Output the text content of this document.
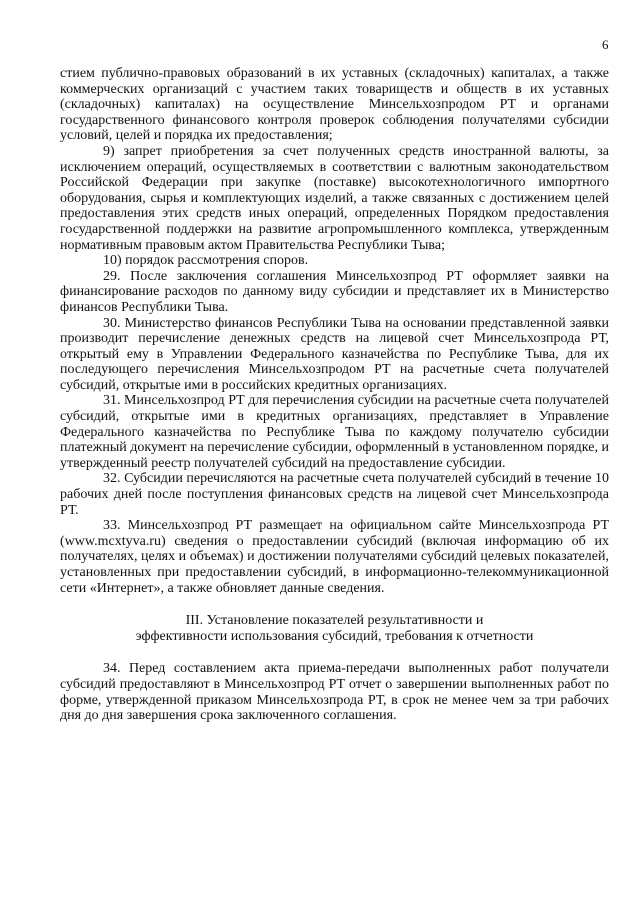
6

стием публично-правовых образований в их уставных (складочных) капиталах, а также коммерческих организаций с участием таких товариществ и обществ в их уставных (складочных) капиталах) на осуществление Минсельхозпродом РТ и органами государственного финансового контроля проверок соблюдения получателями субсидии условий, целей и порядка их предоставления;

9) запрет приобретения за счет полученных средств иностранной валюты, за исключением операций, осуществляемых в соответствии с валютным законодательством Российской Федерации при закупке (поставке) высокотехнологичного импортного оборудования, сырья и комплектующих изделий, а также связанных с достижением целей предоставления этих средств иных операций, определенных Порядком предоставления государственной поддержки на развитие агропромышленного комплекса, утвержденным нормативным правовым актом Правительства Республики Тыва;

10) порядок рассмотрения споров.

29. После заключения соглашения Минсельхозпрод РТ оформляет заявки на финансирование расходов по данному виду субсидии и представляет их в Министерство финансов Республики Тыва.

30. Министерство финансов Республики Тыва на основании представленной заявки производит перечисление денежных средств на лицевой счет Минсельхозпрода РТ, открытый ему в Управлении Федерального казначейства по Республике Тыва, для их последующего перечисления Минсельхозпродом РТ на расчетные счета получателей субсидий, открытые ими в российских кредитных организациях.

31. Минсельхозпрод РТ для перечисления субсидии на расчетные счета получателей субсидий, открытые ими в кредитных организациях, представляет в Управление Федерального казначейства по Республике Тыва по каждому получателю субсидии платежный документ на перечисление субсидии, оформленный в установленном порядке, и утвержденный реестр получателей субсидий на предоставление субсидии.

32. Субсидии перечисляются на расчетные счета получателей субсидий в течение 10 рабочих дней после поступления финансовых средств на лицевой счет Минсельхозпрода РТ.

33. Минсельхозпрод РТ размещает на официальном сайте Минсельхозпрода РТ (www.mcxtyva.ru) сведения о предоставлении субсидий (включая информацию об их получателях, целях и объемах) и достижении получателями субсидий целевых показателей, установленных при предоставлении субсидий, в информационно-телекоммуникационной сети «Интернет», а также обновляет данные сведения.

III. Установление показателей результативности и
эффективности использования субсидий, требования к отчетности

34. Перед составлением акта приема-передачи выполненных работ получатели субсидий предоставляют в Минсельхозпрод РТ отчет о завершении выполненных работ по форме, утвержденной приказом Минсельхозпрода РТ, в срок не менее чем за три рабочих дня до дня завершения срока заключенного соглашения.
